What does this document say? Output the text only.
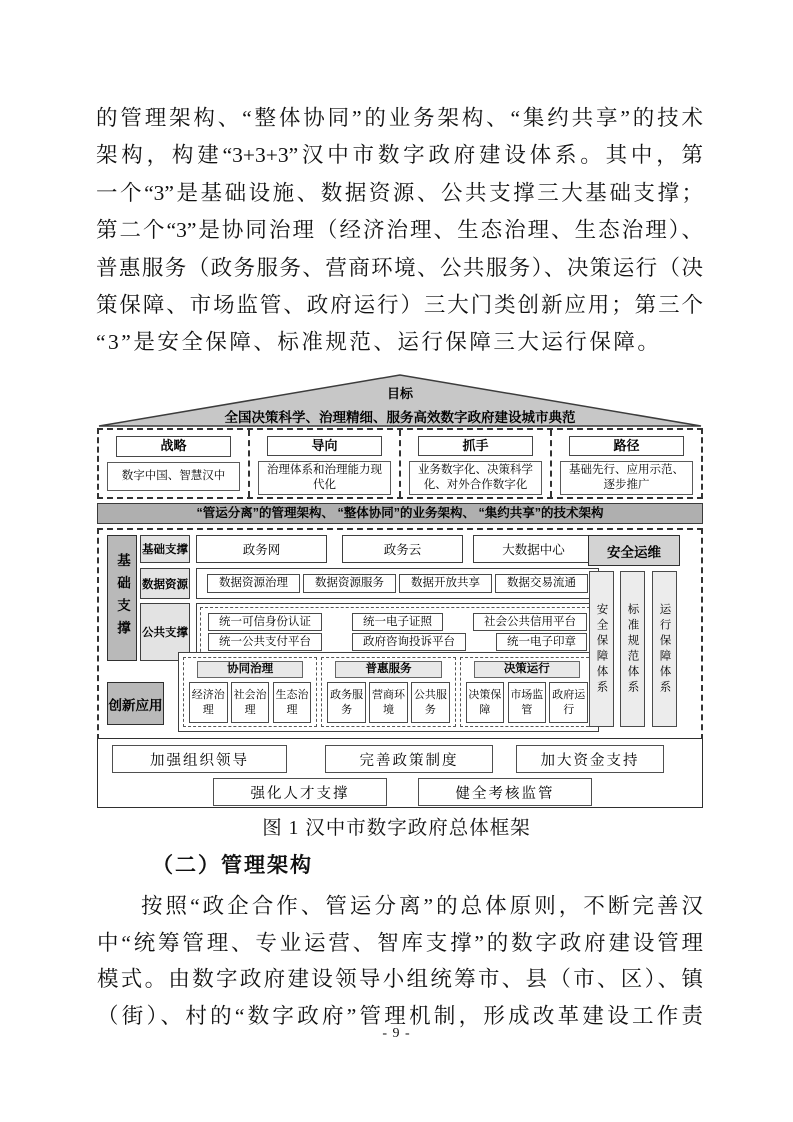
的管理架构、“整体协同”的业务架构、“集约共享”的技术
架构，构建“3+3+3”汉中市数字政府建设体系。其中，第
一个“3”是基础设施、数据资源、公共支撑三大基础支撑；
第二个“3”是协同治理（经济治理、生态治理、生态治理）、
普惠服务（政务服务、营商环境、公共服务）、决策运行（决
策保障、市场监管、政府运行）三大门类创新应用；第三个
“3”是安全保障、标准规范、运行保障三大运行保障。
目标
全国决策科学、治理精细、服务高效数字政府建设城市典范
战略
数字中国、智慧汉中
导向
治理体系和治理能力现代化
抓手
业务数字化、决策科学化、对外合作数字化
路径
基础先行、应用示范、逐步推广
“管运分离”的管理架构、 “整体协同”的业务架构、 “集约共享”的技术架构
基础支撑
基础支撑
数据资源
公共支撑
政务网	政务云	大数据中心
数据资源治理	数据资源服务	数据开放共享	数据交易流通
统一可信身份认证	统一电子证照	社会公共信用平台
统一公共支付平台	政府咨询投诉平台	统一电子印章
创新应用
协同治理
经济治理
社会治理
生态治理
普惠服务
政务服务
营商环境
公共服务
决策运行
决策保障
市场监管
政府运行
安全运维
安全保障体系	标准规范体系	运行保障体系
加强组织领导	完善政策制度	加大资金支持
强化人才支撑	健全考核监管
图 1 汉中市数字政府总体框架
（二）管理架构
按照“政企合作、管运分离”的总体原则，不断完善汉
中“统筹管理、专业运营、智库支撑”的数字政府建设管理
模式。由数字政府建设领导小组统筹市、县（市、区）、镇
（街）、村的“数字政府”管理机制，形成改革建设工作责
- 9 -
